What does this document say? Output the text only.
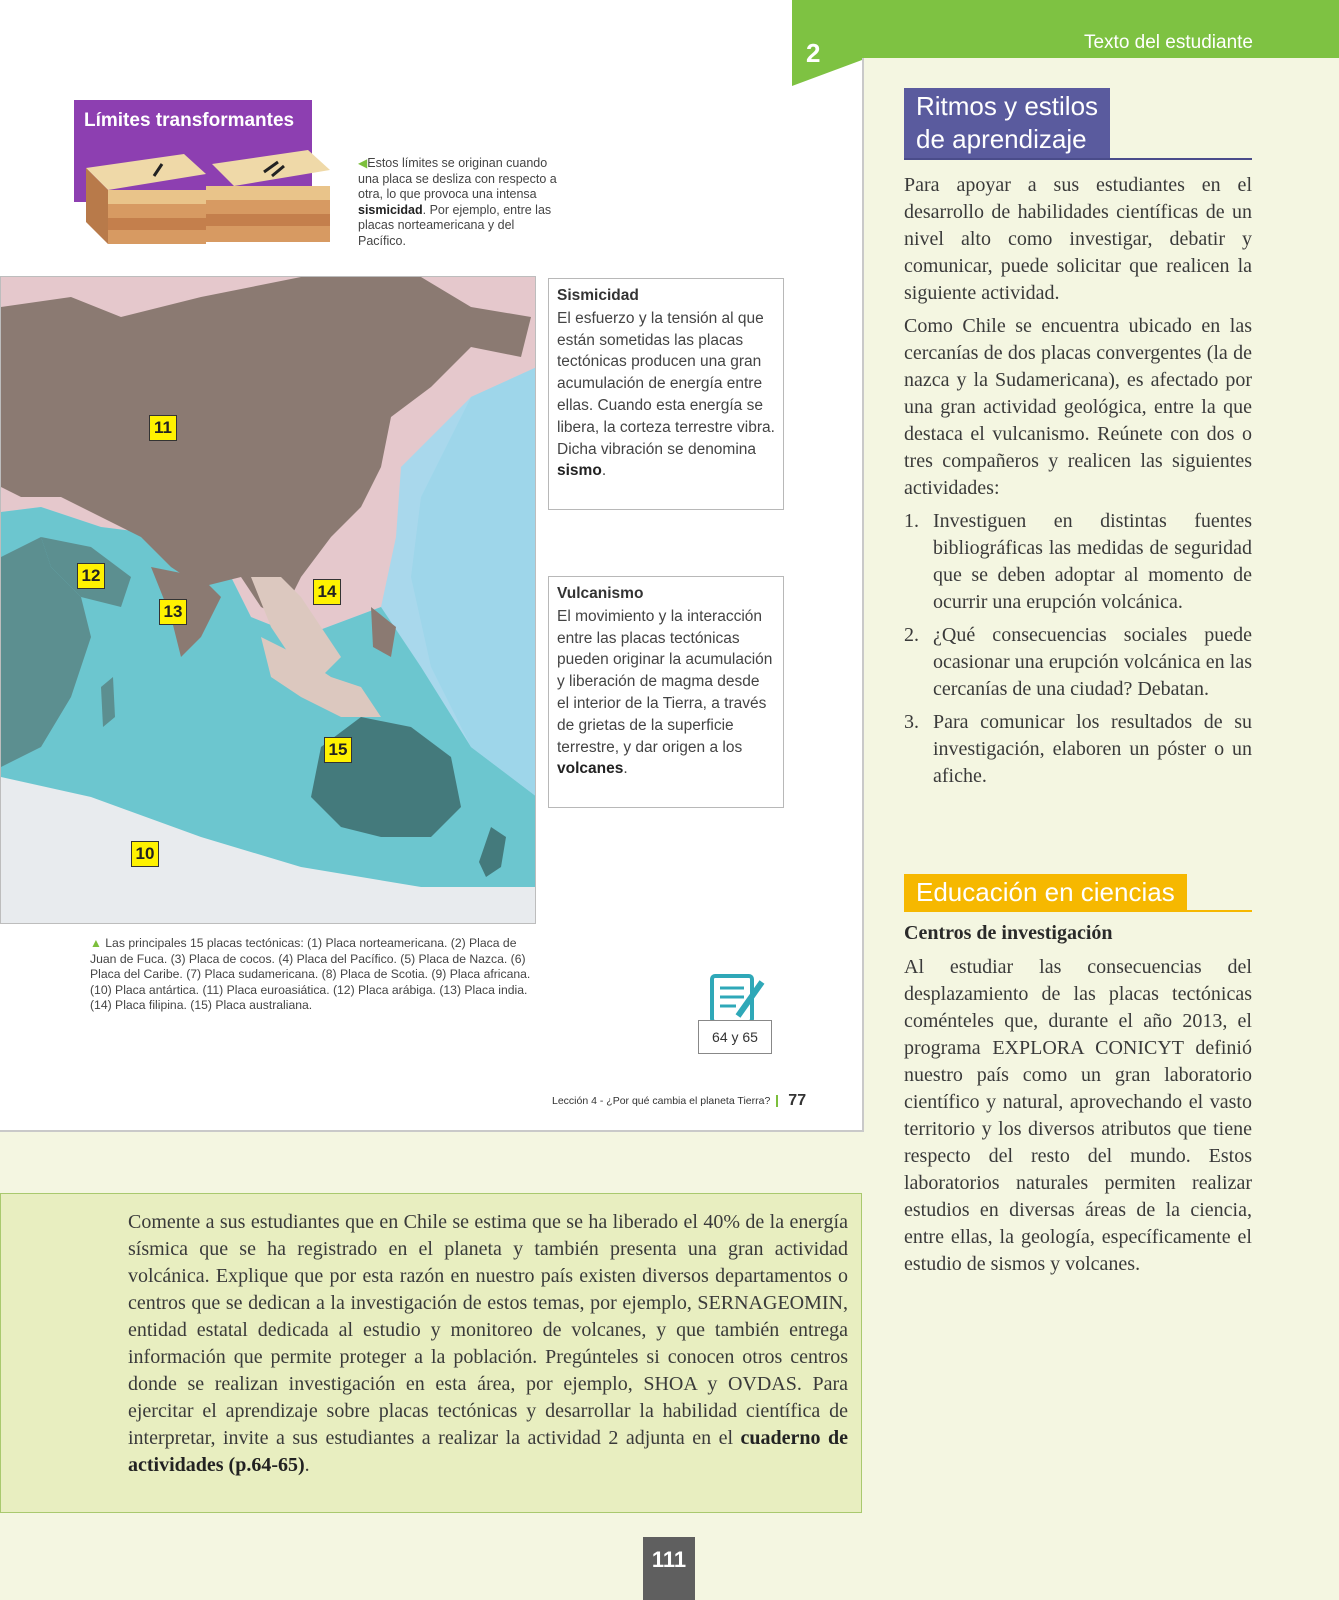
2
Límites transformantes
◀Estos límites se originan cuando una placa se desliza con respecto a otra, lo que provoca una intensa sismicidad. Por ejemplo, entre las placas norteamericana y del Pacífico.
11
12
13
14
15
10
Sismicidad
El esfuerzo y la tensión al que están sometidas las placas tectónicas producen una gran acumulación de energía entre ellas. Cuando esta energía se libera, la corteza terrestre vibra. Dicha vibración se denomina sismo.
Vulcanismo
El movimiento y la interacción entre las placas tectónicas pueden originar la acumulación y liberación de magma desde el interior de la Tierra, a través de grietas de la superficie terrestre, y dar origen a los volcanes.
▲ Las principales 15 placas tectónicas: (1) Placa norteamericana. (2) Placa de Juan de Fuca. (3) Placa de cocos. (4) Placa del Pacífico. (5) Placa de Nazca. (6) Placa del Caribe. (7) Placa sudamericana. (8) Placa de Scotia. (9) Placa africana. (10) Placa antártica. (11) Placa euroasiática. (12) Placa arábiga. (13) Placa india. (14) Placa filipina. (15) Placa australiana.
64 y 65
Lección 4 - ¿Por qué cambia el planeta Tierra? 77
Texto del estudiante
Ritmos y estilos
de aprendizaje

Para apoyar a sus estudiantes en el desarrollo de habilidades científicas de un nivel alto como investigar, debatir y comunicar, puede solicitar que realicen la siguiente actividad.

Como Chile se encuentra ubicado en las cercanías de dos placas convergentes (la de nazca y la Sudamericana), es afectado por una gran actividad geológica, entre la que destaca el vulcanismo. Reúnete con dos o tres compañeros y realicen las siguientes actividades:

1. Investiguen en distintas fuentes bibliográficas las medidas de seguridad que se deben adoptar al momento de ocurrir una erupción volcánica.
2. ¿Qué consecuencias sociales puede ocasionar una erupción volcánica en las cercanías de una ciudad? Debatan.
3. Para comunicar los resultados de su investigación, elaboren un póster o un afiche.
Educación en ciencias
Centros de investigación

Al estudiar las consecuencias del desplazamiento de las placas tectónicas coménteles que, durante el año 2013, el programa EXPLORA CONICYT definió nuestro país como un gran laboratorio científico y natural, aprovechando el vasto territorio y los diversos atributos que tiene respecto del resto del mundo. Estos laboratorios naturales permiten realizar estudios en diversas áreas de la ciencia, entre ellas, la geología, específicamente el estudio de sismos y volcanes.

Comente a sus estudiantes que en Chile se estima que se ha liberado el 40% de la energía sísmica que se ha registrado en el planeta y también presenta una gran actividad volcánica. Explique que por esta razón en nuestro país existen diversos departamentos o centros que se dedican a la investigación de estos temas, por ejemplo, SERNAGEOMIN, entidad estatal dedicada al estudio y monitoreo de volcanes, y que también entrega información que permite proteger a la población. Pregúnteles si conocen otros centros donde se realizan investigación en esta área, por ejemplo, SHOA y OVDAS. Para ejercitar el aprendizaje sobre placas tectónicas y desarrollar la habilidad científica de interpretar, invite a sus estudiantes a realizar la actividad 2 adjunta en el cuaderno de actividades (p.64-65).
111
